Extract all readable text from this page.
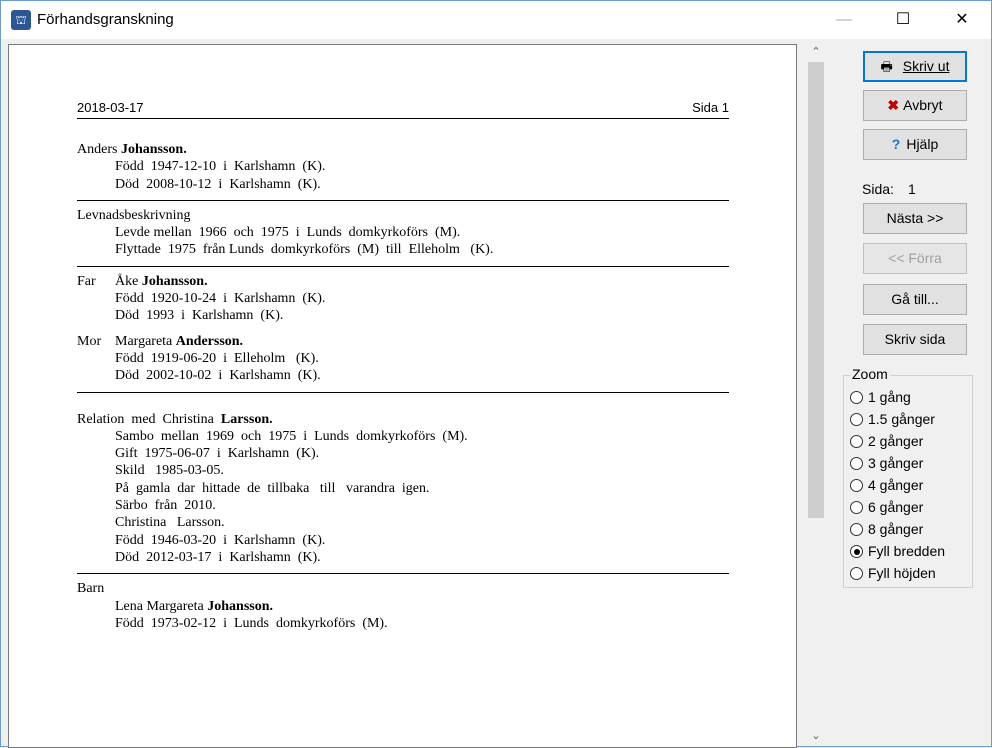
⛫ Förhandsgranskning	―	☐	✕
2018-03-17	Sida 1
Anders Johansson.
Född  1947-12-10  i  Karlshamn  (K).
Död  2008-10-12  i  Karlshamn  (K).
Levnadsbeskrivning
Levde mellan  1966  och  1975  i  Lunds  domkyrkoförs  (M).
Flyttade  1975  från Lunds  domkyrkoförs  (M)  till  Elleholm   (K).
Far Åke Johansson.
Född  1920-10-24  i  Karlshamn  (K).
Död  1993  i  Karlshamn  (K).
Mor Margareta Andersson.
Född  1919-06-20  i  Elleholm   (K).
Död  2002-10-02  i  Karlshamn  (K).
Relation  med  Christina  Larsson.
Sambo  mellan  1969  och  1975  i  Lunds  domkyrkoförs  (M).
Gift  1975-06-07  i  Karlshamn  (K).
Skild   1985-03-05.
På  gamla  dar  hittade  de  tillbaka   till   varandra  igen.
Särbo  från  2010.
Christina   Larsson.
Född  1946-03-20  i  Karlshamn  (K).
Död  2012-03-17  i  Karlshamn  (K).
Barn
Lena Margareta Johansson.
Född  1973-02-12  i  Lunds  domkyrkoförs  (M).
⌃
⌄
🖶 Skriv ut
✖ Avbryt
? Hjälp
Sida: 1
Nästa >>
<< Förra
Gå till...
Skriv sida
Zoom
1 gång
1.5 gånger
2 gånger
3 gånger
4 gånger
6 gånger
8 gånger
Fyll bredden
Fyll höjden
